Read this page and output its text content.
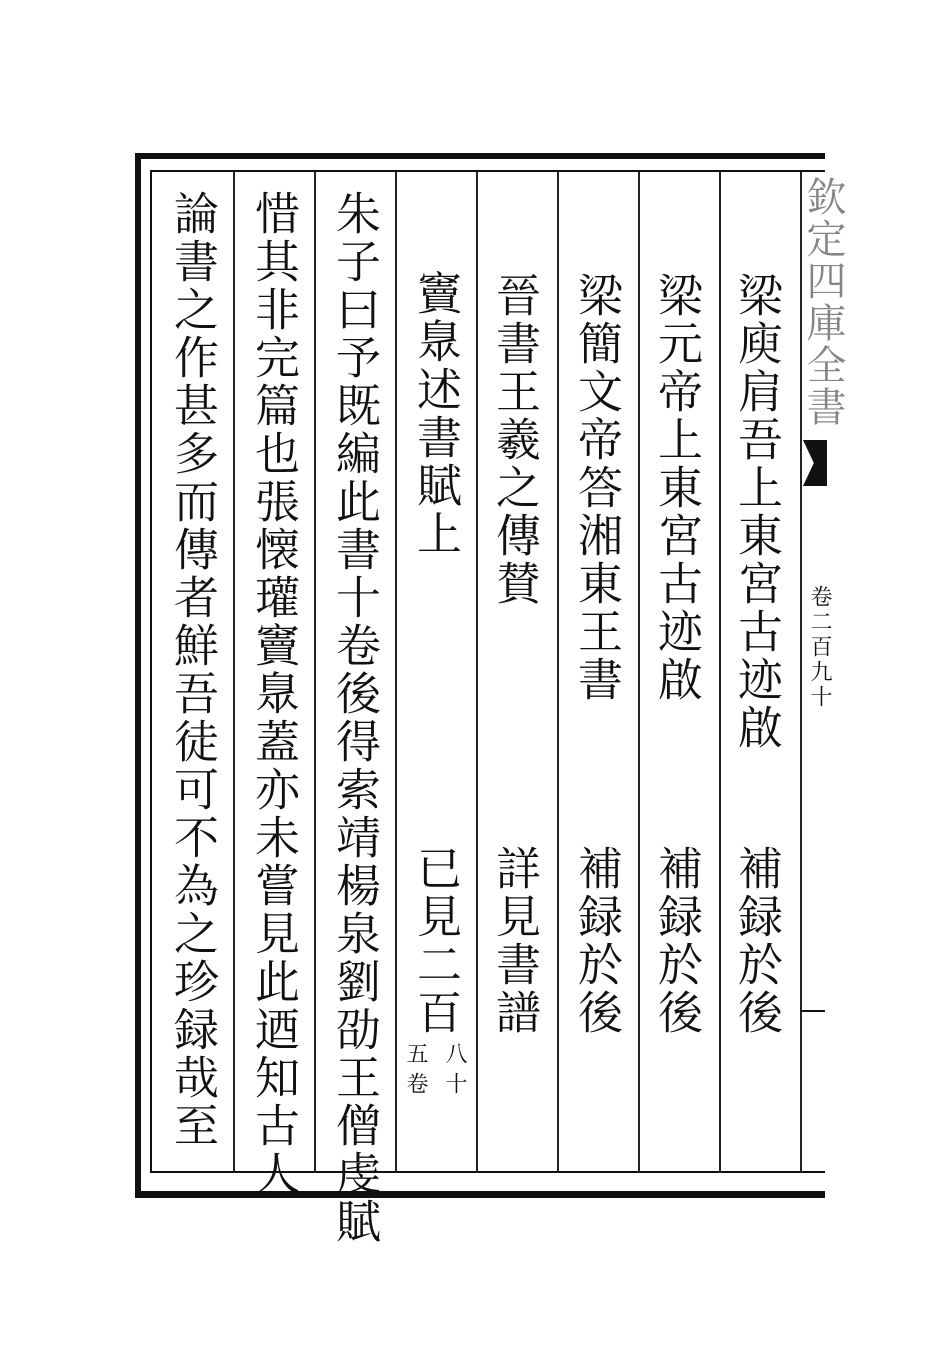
欽定四庫全書
卷二百九十
梁庾肩吾上東宮古迹啟
補録於後
梁元帝上東宮古迹啟
補録於後
梁簡文帝答湘東王書
補録於後
晉書王羲之傳賛
詳見書譜
竇臮述書賦上
已見二百
八十
五卷
朱子曰予既編此書十卷後得索靖楊泉劉劭王僧虔賦
惜其非完篇也張懐瓘竇臮蓋亦未嘗見此迺知古人
論書之作甚多而傳者鮮吾徒可不為之珍録哉至
